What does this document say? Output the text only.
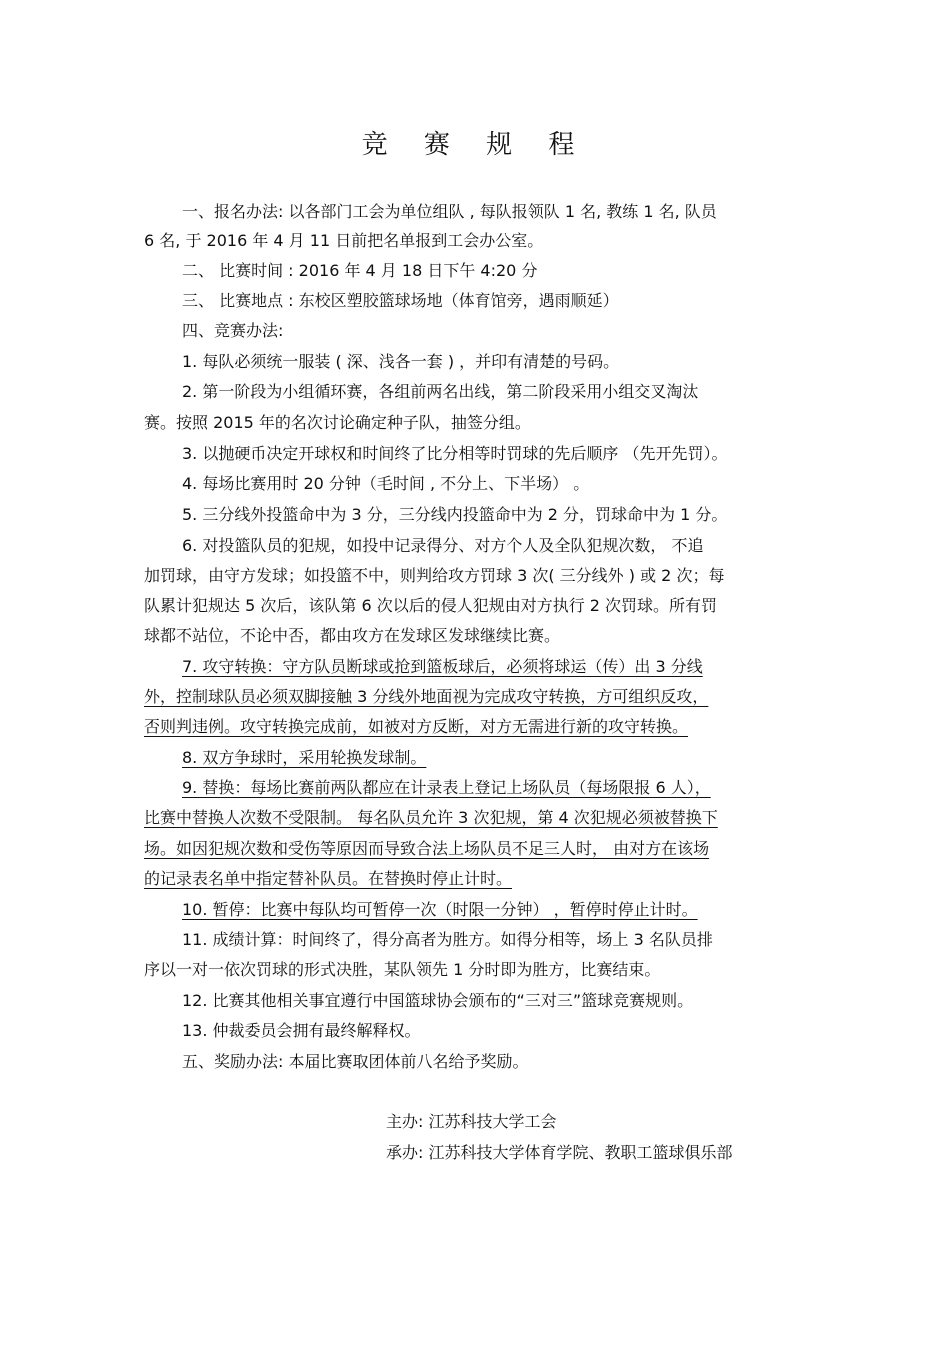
竞 赛 规 程
一、报名办法: 以各部门工会为单位组队 , 每队报领队 1 名, 教练 1 名, 队员
6 名, 于 2016 年 4 月 11 日前把名单报到工会办公室。
二、 比赛时间 : 2016 年 4 月 18 日下午 4:20 分
三、 比赛地点 : 东校区塑胶篮球场地（体育馆旁，遇雨顺延）
四、竞赛办法:
1. 每队必须统一服装 ( 深、浅各一套 ) ，并印有清楚的号码。
2. 第一阶段为小组循环赛，各组前两名出线，第二阶段采用小组交叉淘汰
赛。按照 2015 年的名次讨论确定种子队，抽签分组。
3. 以抛硬币决定开球权和时间终了比分相等时罚球的先后顺序 （先开先罚）。
4. 每场比赛用时 20 分钟（毛时间 , 不分上、下半场） 。
5. 三分线外投篮命中为 3 分，三分线内投篮命中为 2 分，罚球命中为 1 分。
6. 对投篮队员的犯规，如投中记录得分、对方个人及全队犯规次数， 不追
加罚球，由守方发球；如投篮不中，则判给攻方罚球 3 次( 三分线外 ) 或 2 次；每
队累计犯规达 5 次后，该队第 6 次以后的侵人犯规由对方执行 2 次罚球。所有罚
球都不站位，不论中否，都由攻方在发球区发球继续比赛。
7. 攻守转换：守方队员断球或抢到篮板球后，必须将球运（传）出 3 分线
外，控制球队员必须双脚接触 3 分线外地面视为完成攻守转换，方可组织反攻，
否则判违例。攻守转换完成前，如被对方反断，对方无需进行新的攻守转换。
8. 双方争球时，采用轮换发球制。
9. 替换：每场比赛前两队都应在计录表上登记上场队员（每场限报 6 人），
比赛中替换人次数不受限制。 每名队员允许 3 次犯规，第 4 次犯规必须被替换下
场。如因犯规次数和受伤等原因而导致合法上场队员不足三人时， 由对方在该场
的记录表名单中指定替补队员。在替换时停止计时。
10. 暂停：比赛中每队均可暂停一次（时限一分钟） ，暂停时停止计时。
11. 成绩计算：时间终了，得分高者为胜方。如得分相等，场上 3 名队员排
序以一对一依次罚球的形式决胜，某队领先 1 分时即为胜方，比赛结束。
12. 比赛其他相关事宜遵行中国篮球协会颁布的“三对三”篮球竞赛规则。
13. 仲裁委员会拥有最终解释权。
五、奖励办法: 本届比赛取团体前八名给予奖励。
主办: 江苏科技大学工会
承办: 江苏科技大学体育学院、教职工篮球俱乐部
